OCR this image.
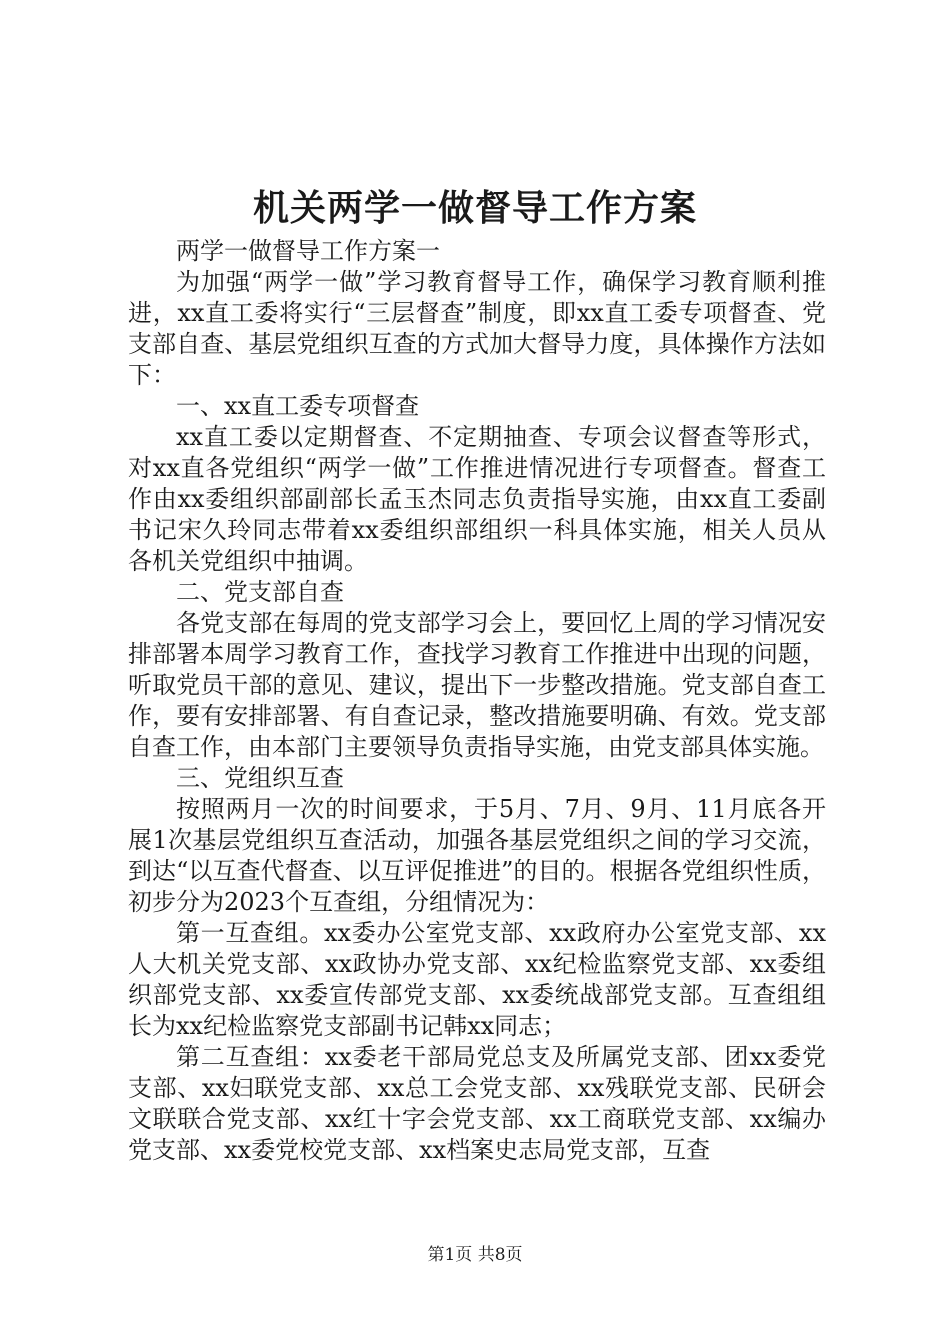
机关两学一做督导工作方案

两学一做督导工作方案一

为加强“两学一做”学习教育督导工作，确保学习教育顺利推进，xx直工委将实行“三层督查”制度，即xx直工委专项督查、党支部自查、基层党组织互查的方式加大督导力度，具体操作方法如下：

一、xx直工委专项督查

xx直工委以定期督查、不定期抽查、专项会议督查等形式，对xx直各党组织“两学一做”工作推进情况进行专项督查。督查工作由xx委组织部副部长孟玉杰同志负责指导实施，由xx直工委副书记宋久玲同志带着xx委组织部组织一科具体实施，相关人员从各机关党组织中抽调。

二、党支部自查

各党支部在每周的党支部学习会上，要回忆上周的学习情况安排部署本周学习教育工作，查找学习教育工作推进中出现的问题，听取党员干部的意见、建议，提出下一步整改措施。党支部自查工作，要有安排部署、有自查记录，整改措施要明确、有效。党支部自查工作，由本部门主要领导负责指导实施，由党支部具体实施。

三、党组织互查

按照两月一次的时间要求，于5月、7月、9月、11月底各开展1次基层党组织互查活动，加强各基层党组织之间的学习交流，到达“以互查代督查、以互评促推进”的目的。根据各党组织性质，初步分为2023个互查组，分组情况为：

第一互查组。xx委办公室党支部、xx政府办公室党支部、xx人大机关党支部、xx政协办党支部、xx纪检监察党支部、xx委组织部党支部、xx委宣传部党支部、xx委统战部党支部。互查组组长为xx纪检监察党支部副书记韩xx同志；

第二互查组：xx委老干部局党总支及所属党支部、团xx委党支部、xx妇联党支部、xx总工会党支部、xx残联党支部、民研会文联联合党支部、xx红十字会党支部、xx工商联党支部、xx编办党支部、xx委党校党支部、xx档案史志局党支部，互查

第1页 共8页
